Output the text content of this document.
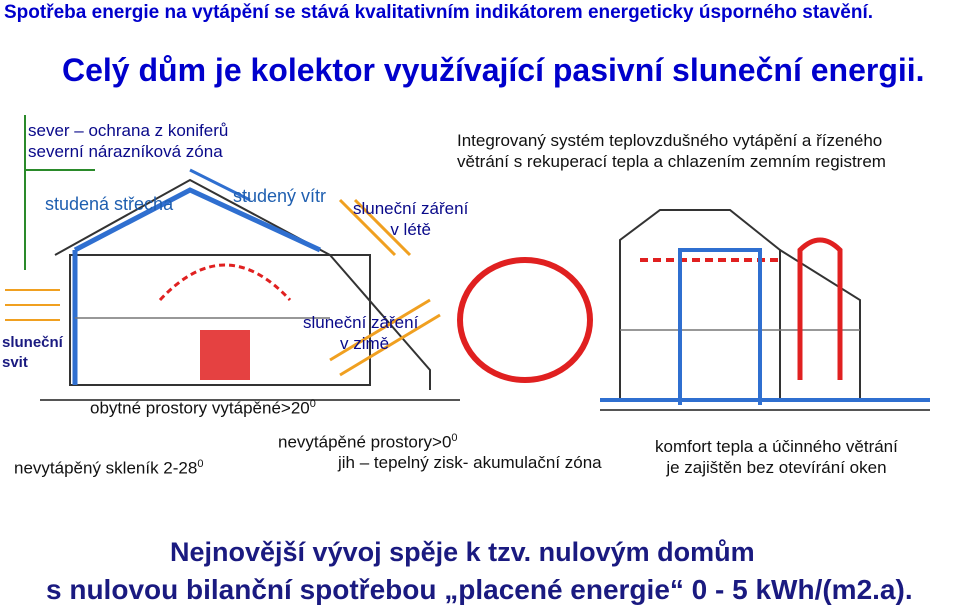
Spotřeba energie na vytápění se stává kvalitativním indikátorem energeticky úsporného stavění.
Celý dům je kolektor využívající pasivní sluneční energii.
sever – ochrana z koniferů
severní nárazníková zóna
studená střecha	studený vítr
sluneční záření
v létě
Integrovaný systém teplovzdušného vytápění a řízeného
větrání s rekuperací tepla a chlazením zemním registrem
sluneční
svit
sluneční záření
v zimě
obytné prostory $vytápěné>20^0$
nevytápěné $prostory>0^0$
jih – tepelný zisk- akumulační zóna
nevytápěný skleník $2-28^0$
komfort tepla a účinného větrání
je zajištěn bez otevírání oken
Nejnovější vývoj spěje k tzv. nulovým domům
s nulovou bilanční spotřebou „placené energie“ 0 - 5 kWh/(m2.a).
